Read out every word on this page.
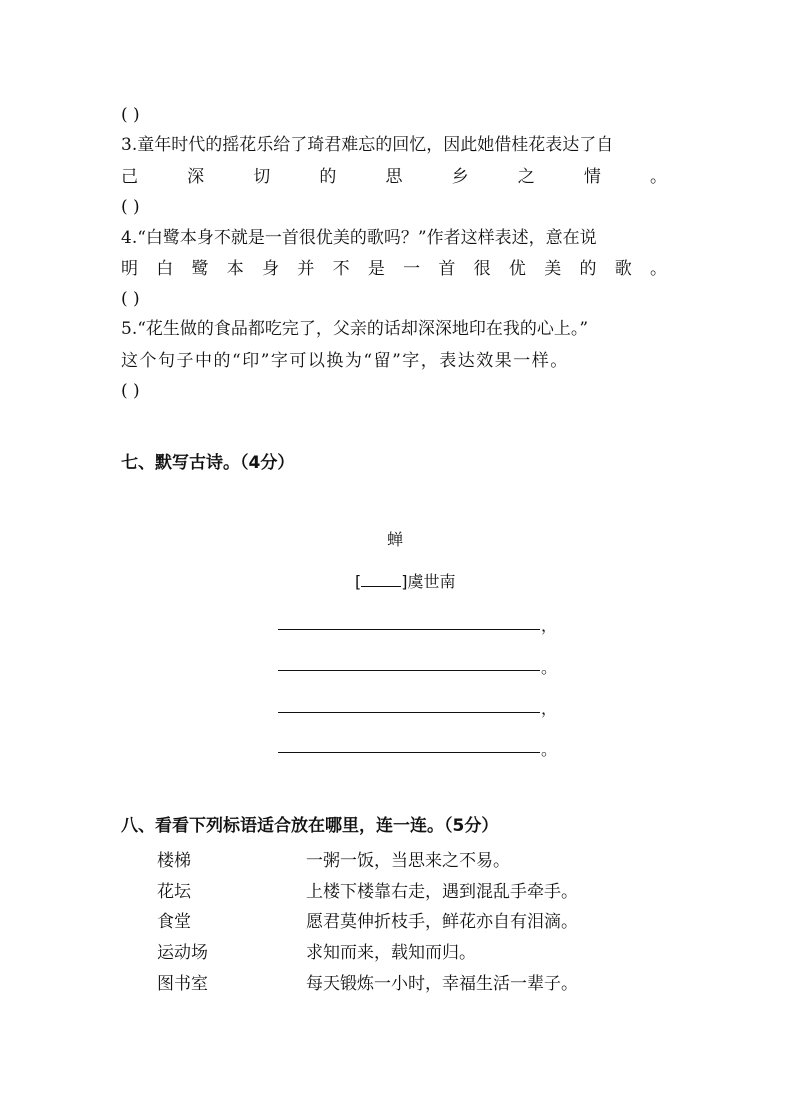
( )
3.童年时代的摇花乐给了琦君难忘的回忆，因此她借桂花表达了自
己	深	切	的	思	乡	之	情	。
( )
4.“白鹭本身不就是一首很优美的歌吗？”作者这样表述，意在说
明 白 鹭 本 身 并 不 是 一 首 很 优 美 的 歌 。
( )
5.“花生做的食品都吃完了，父亲的话却深深地印在我的心上。”
这个句子中的“印”字可以换为“留”字，表达效果一样。
( )
七、默写古诗。（4分）
蝉
[	]虞世南
，
。
，
。
八、看看下列标语适合放在哪里，连一连。（5分）
楼梯	一粥一饭，当思来之不易。
花坛	上楼下楼靠右走，遇到混乱手牵手。
食堂	愿君莫伸折枝手，鲜花亦自有泪滴。
运动场	求知而来，载知而归。
图书室	每天锻炼一小时，幸福生活一辈子。
